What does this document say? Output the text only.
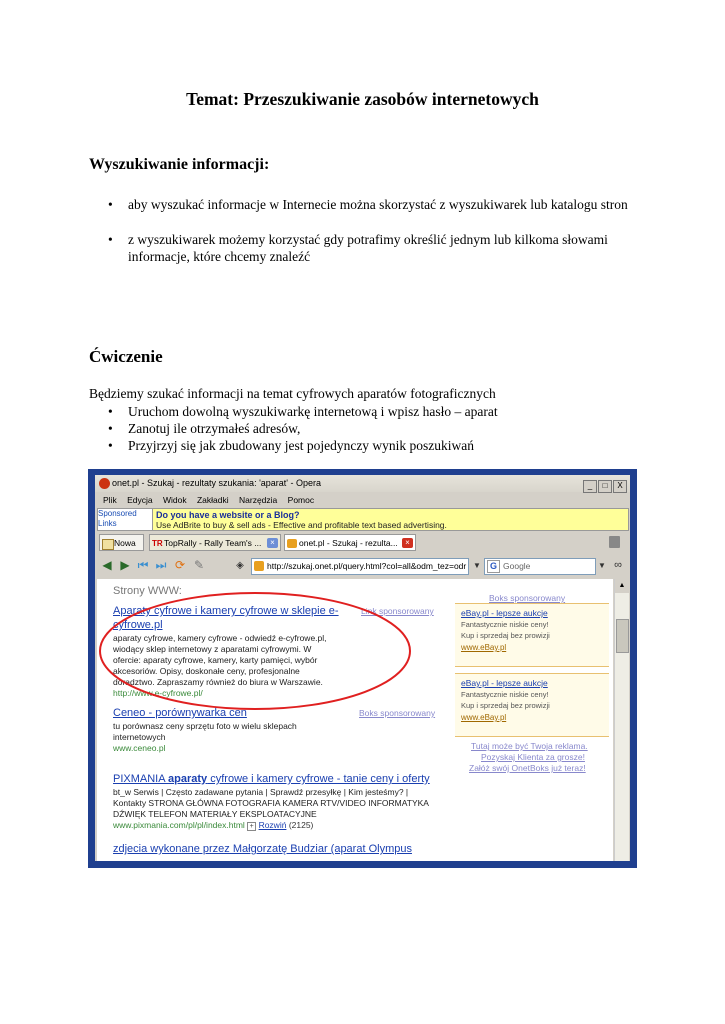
Temat: Przeszukiwanie zasobów internetowych
Wyszukiwanie informacji:
• aby wyszukać informacje w Internecie można skorzystać z wyszukiwarek lub katalogu stron
• z wyszukiwarek możemy korzystać gdy potrafimy określić jednym lub kilkoma słowami informacje, które chcemy znaleźć
Ćwiczenie
Będziemy szukać informacji na temat cyfrowych aparatów fotograficznych
• Uruchom dowolną wyszukiwarkę internetową i wpisz hasło – aparat
• Zanotuj ile otrzymałeś adresów,
• Przyjrzyj się jak zbudowany jest pojedynczy wynik poszukiwań
onet.pl - Szukaj - rezultaty szukania: 'aparat' - Opera	_ □ X
Plik Edycja Widok Zakładki Narzędzia Pomoc
Sponsored Links
Do you have a website or a Blog?
Use AdBrite to buy & sell ads - Effective and profitable text based advertising.
Nowa	TR TopRally - Rally Team's ...	×	onet.pl - Szukaj - rezulta... ×
◀ ▶ ⏮ ⏭ ⟳ ✎	◈	http://szukaj.onet.pl/query.html?col=all&odm_tez=odr ▼	G Google	▼ ∞
Strony WWW:
Aparaty cyfrowe i kamery cyfrowe w sklepie e-
cyfrowe.pl
Link sponsorowany
aparaty cyfrowe, kamery cyfrowe - odwiedź e-cyfrowe.pl,
wiodący sklep internetowy z aparatami cyfrowymi. W
ofercie: aparaty cyfrowe, kamery, karty pamięci, wybór
akcesoriów. Opisy, doskonałe ceny, profesjonalne
doradztwo. Zapraszamy również do biura w Warszawie.
http://www.e-cyfrowe.pl/
Ceneo - porównywarka cen	Boks sponsorowany
tu porównasz ceny sprzętu foto w wielu sklepach
internetowych
www.ceneo.pl
PIXMANIA aparaty cyfrowe i kamery cyfrowe - tanie ceny i oferty
bt_w Serwis | Często zadawane pytania | Sprawdź przesyłkę | Kim jesteśmy? |
Kontakty STRONA GŁÓWNA FOTOGRAFIA KAMERA RTV/VIDEO INFORMATYKA
DŹWIĘK TELEFON MATERIAŁY EKSPLOATACYJNE
www.pixmania.com/pl/pl/index.html + Rozwiń (2125)
zdjecia wykonane przez Małgorzatę Budziar (aparat Olympus
Boks sponsorowany
eBay.pl - lepsze aukcje
Fantastycznie niskie ceny!
Kup i sprzedaj bez prowizji
www.eBay.pl
eBay.pl - lepsze aukcje
Fantastycznie niskie ceny!
Kup i sprzedaj bez prowizji
www.eBay.pl
Tutaj może być Twoja reklama.
Pozyskaj Klienta za grosze!
Załóż swój OnetBoks już teraz!
▲
